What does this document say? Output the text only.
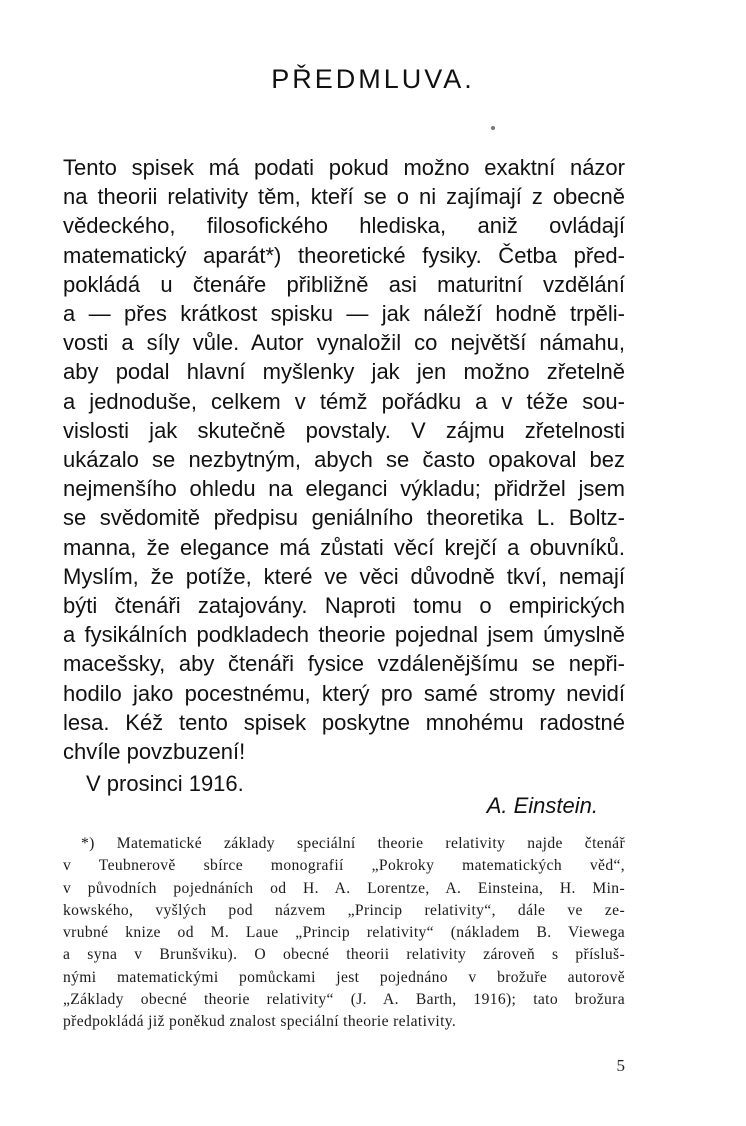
PŘEDMLUVA.
Tento spisek má podati pokud možno exaktní názor
na theorii relativity těm, kteří se o ni zajímají z obecně
vědeckého, filosofického hlediska, aniž ovládají
matematický aparát*) theoretické fysiky. Četba před-
pokládá u čtenáře přibližně asi maturitní vzdělání
a — přes krátkost spisku — jak náleží hodně trpěli-
vosti a síly vůle. Autor vynaložil co největší námahu,
aby podal hlavní myšlenky jak jen možno zřetelně
a jednoduše, celkem v témž pořádku a v téže sou-
vislosti jak skutečně povstaly. V zájmu zřetelnosti
ukázalo se nezbytným, abych se často opakoval bez
nejmenšího ohledu na eleganci výkladu; přidržel jsem
se svědomitě předpisu geniálního theoretika L. Boltz-
manna, že elegance má zůstati věcí krejčí a obuvníků.
Myslím, že potíže, které ve věci důvodně tkví, nemají
býti čtenáři zatajovány. Naproti tomu o empirických
a fysikálních podkladech theorie pojednal jsem úmyslně
macešsky, aby čtenáři fysice vzdálenějšímu se nepři-
hodilo jako pocestnému, který pro samé stromy nevidí
lesa. Kéž tento spisek poskytne mnohému radostné
chvíle povzbuzení!
V prosinci 1916.
A. Einstein.
*) Matematické základy speciální theorie relativity najde čtenář
v Teubnerově sbírce monografií „Pokroky matematických věd“,
v původních pojednáních od H. A. Lorentze, A. Einsteina, H. Min-
kowského, vyšlých pod názvem „Princip relativity“, dále ve ze-
vrubné knize od M. Laue „Princip relativity“ (nákladem B. Viewega
a syna v Brunšviku). O obecné theorii relativity zároveň s přísluš-
nými matematickými pomůckami jest pojednáno v brožuře autorově
„Základy obecné theorie relativity“ (J. A. Barth, 1916); tato brožura
předpokládá již poněkud znalost speciální theorie relativity.
5
